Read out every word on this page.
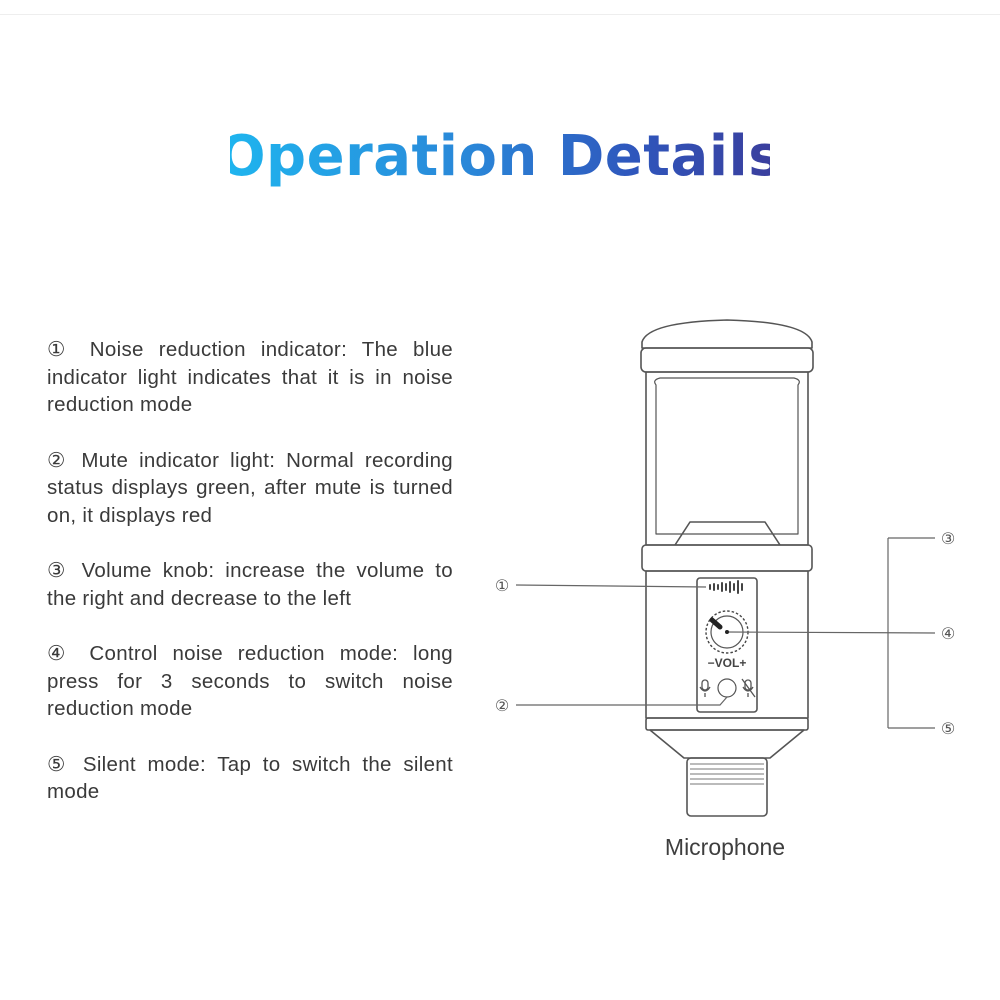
Operation Details

① Noise reduction indicator: The blue indicator light indicates that it is in noise reduction mode

② Mute indicator light: Normal recording status displays green, after mute is turned on, it displays red

③ Volume knob: increase the volume to the right and decrease to the left

④ Control noise reduction mode: long press for 3 seconds to switch noise reduction mode

⑤ Silent mode: Tap to switch the silent mode

−VOL+
①
②
③
④
⑤
Microphone
